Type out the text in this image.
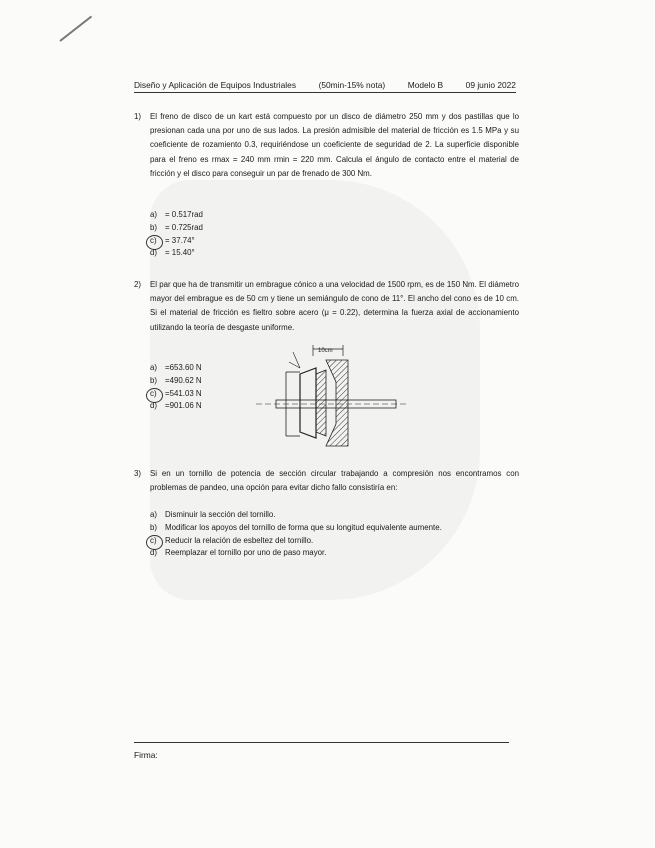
Diseño y Aplicación de Equipos Industriales	(50min-15% nota)	Modelo B	09 junio 2022
1) El freno de disco de un kart está compuesto por un disco de diámetro 250 mm y dos pastillas que lo presionan cada una por uno de sus lados. La presión admisible del material de fricción es 1.5 MPa y su coeficiente de rozamiento 0.3, requiriéndose un coeficiente de seguridad de 2. La superficie disponible para el freno es rmax = 240 mm rmin = 220 mm. Calcula el ángulo de contacto entre el material de fricción y el disco para conseguir un par de frenado de 300 Nm.
a) = 0.517rad
b) = 0.725rad
c) = 37.74°
d) = 15.40°
2) El par que ha de transmitir un embrague cónico a una velocidad de 1500 rpm, es de 150 Nm. El diámetro mayor del embrague es de 50 cm y tiene un semiángulo de cono de 11°. El ancho del cono es de 10 cm. Si el material de fricción es fieltro sobre acero (μ = 0.22), determina la fuerza axial de accionamiento utilizando la teoría de desgaste uniforme.
a) =653.60 N
b) =490.62 N
c) =541.03 N
d) =901.06 N
10cm
3) Si en un tornillo de potencia de sección circular trabajando a compresión nos encontramos con problemas de pandeo, una opción para evitar dicho fallo consistiría en:
a) Disminuir la sección del tornillo.
b) Modificar los apoyos del tornillo de forma que su longitud equivalente aumente.
c) Reducir la relación de esbeltez del tornillo.
d) Reemplazar el tornillo por uno de paso mayor.
Firma:
